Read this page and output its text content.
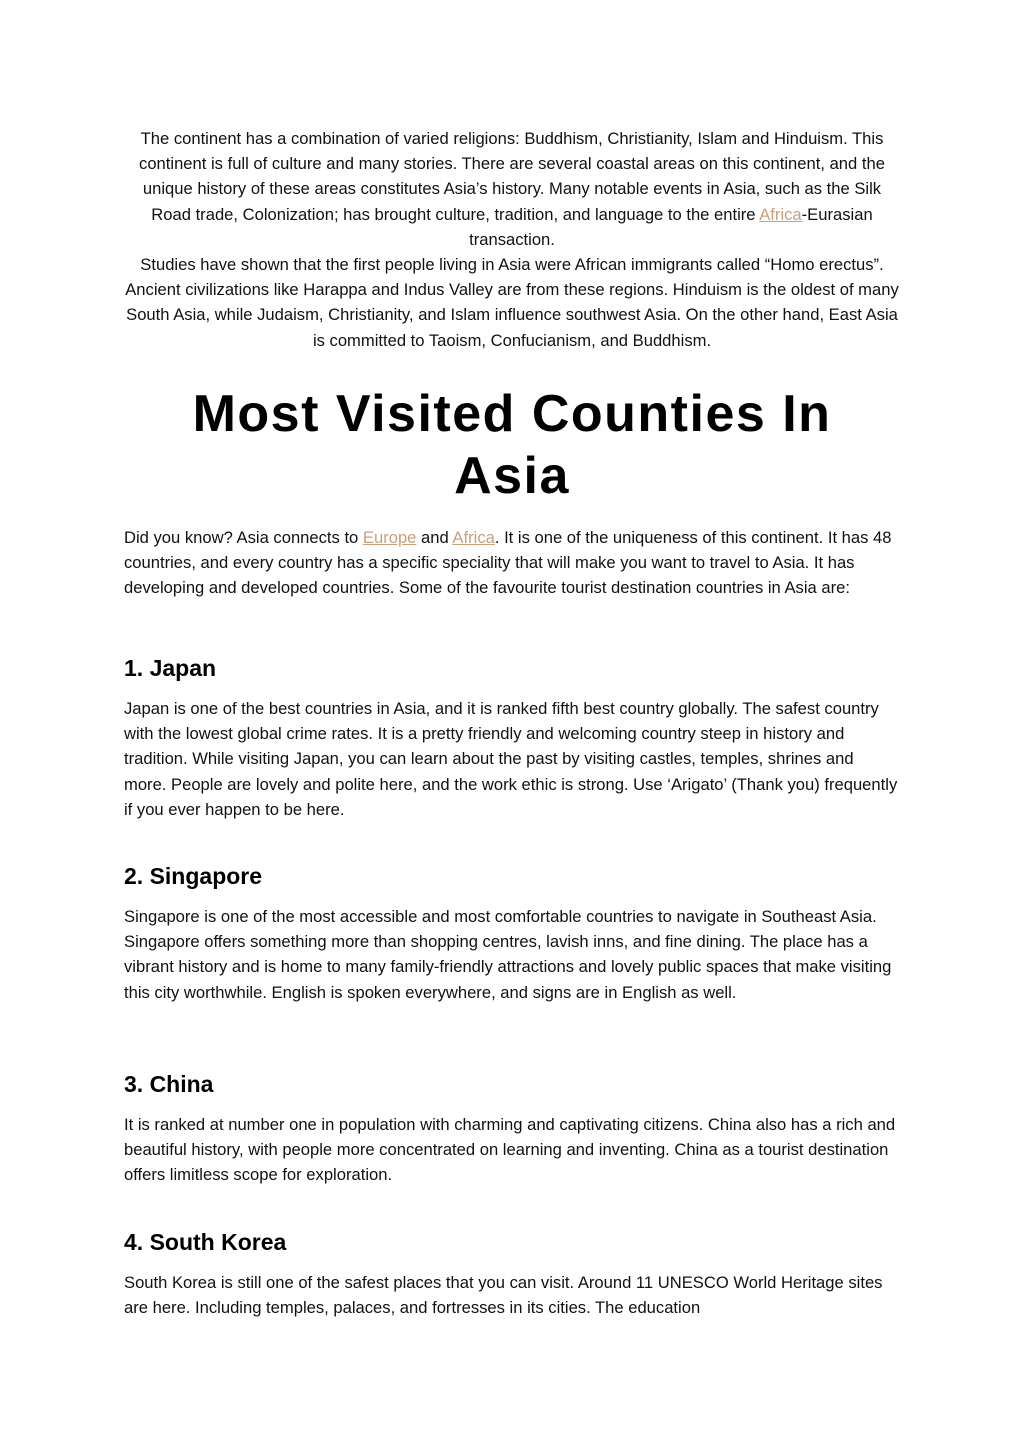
The continent has a combination of varied religions: Buddhism, Christianity, Islam and Hinduism. This continent is full of culture and many stories. There are several coastal areas on this continent, and the unique history of these areas constitutes Asia’s history. Many notable events in Asia, such as the Silk Road trade, Colonization; has brought culture, tradition, and language to the entire Africa-Eurasian transaction.

Studies have shown that the first people living in Asia were African immigrants called “Homo erectus”. Ancient civilizations like Harappa and Indus Valley are from these regions. Hinduism is the oldest of many South Asia, while Judaism, Christianity, and Islam influence southwest Asia. On the other hand, East Asia is committed to Taoism, Confucianism, and Buddhism.

Most Visited Counties In
Asia

Did you know? Asia connects to Europe and Africa. It is one of the uniqueness of this continent. It has 48 countries, and every country has a specific speciality that will make you want to travel to Asia. It has developing and developed countries. Some of the favourite tourist destination countries in Asia are:

1. Japan

Japan is one of the best countries in Asia, and it is ranked fifth best country globally. The safest country with the lowest global crime rates. It is a pretty friendly and welcoming country steep in history and tradition. While visiting Japan, you can learn about the past by visiting castles, temples, shrines and more. People are lovely and polite here, and the work ethic is strong. Use ‘Arigato’ (Thank you) frequently if you ever happen to be here.

2. Singapore

Singapore is one of the most accessible and most comfortable countries to navigate in Southeast Asia. Singapore offers something more than shopping centres, lavish inns, and fine dining. The place has a vibrant history and is home to many family-friendly attractions and lovely public spaces that make visiting this city worthwhile. English is spoken everywhere, and signs are in English as well.

3. China

It is ranked at number one in population with charming and captivating citizens. China also has a rich and beautiful history, with people more concentrated on learning and inventing. China as a tourist destination offers limitless scope for exploration.

4. South Korea

South Korea is still one of the safest places that you can visit. Around 11 UNESCO World Heritage sites are here. Including temples, palaces, and fortresses in its cities. The education
